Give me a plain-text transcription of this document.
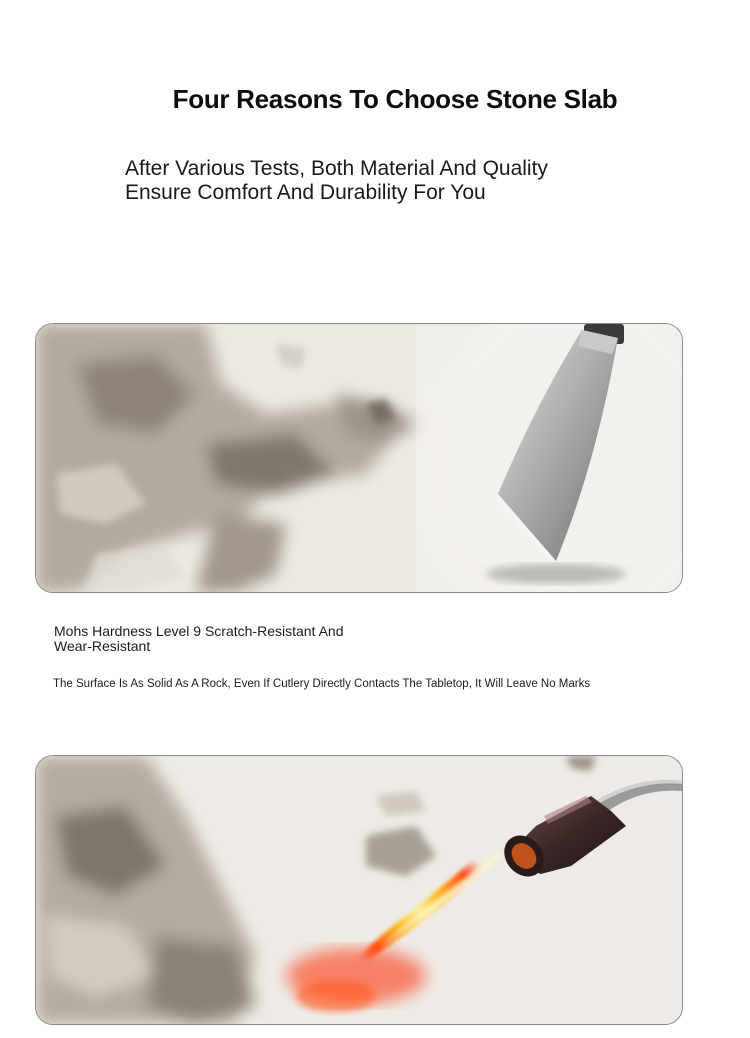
Four Reasons To Choose Stone Slab
After Various Tests, Both Material And Quality
Ensure Comfort And Durability For You
Mohs Hardness Level 9 Scratch-Resistant And
Wear-Resistant
The Surface Is As Solid As A Rock, Even If Cutlery Directly Contacts The Tabletop, It Will Leave No Marks
